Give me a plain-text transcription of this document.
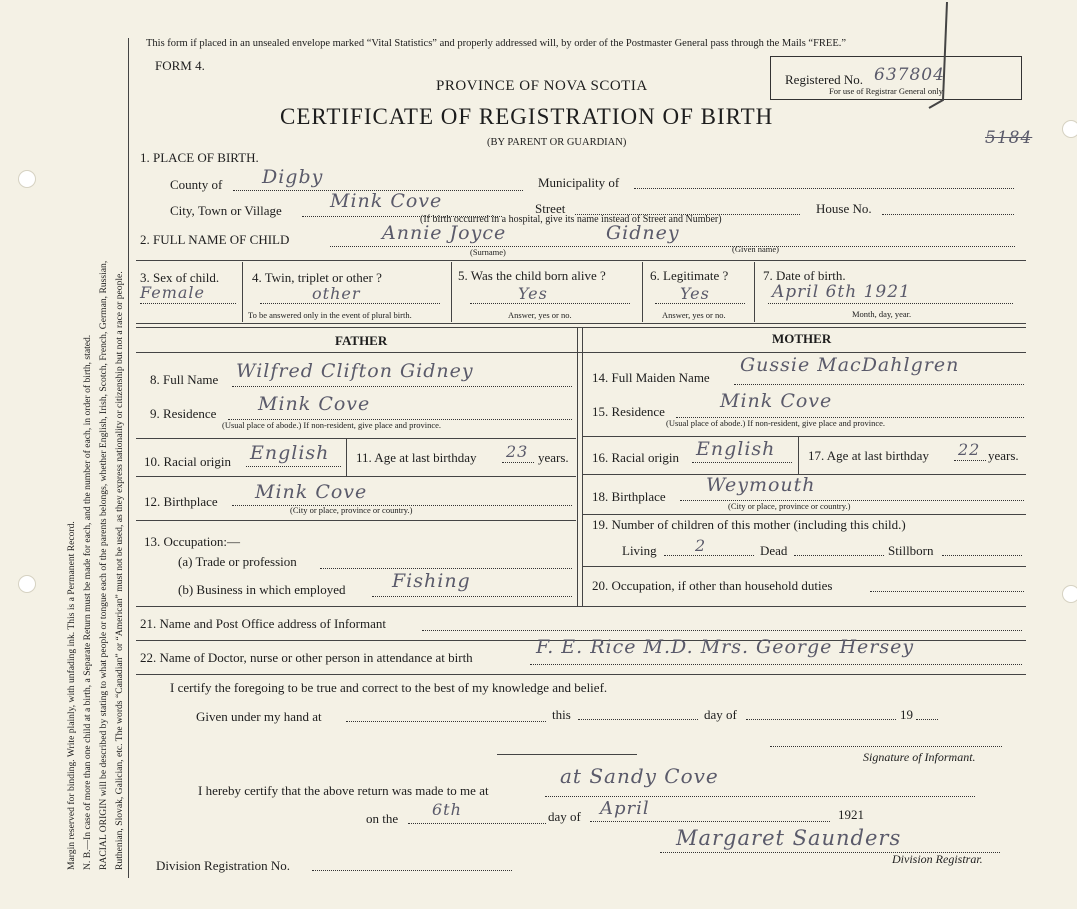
Margin reserved for binding. Write plainly, with unfading ink. This is a Permanent Record. N. B.—In case of more than one child at a birth, a Separate Return must be made for each, and the number of each, in order of birth, stated. RACIAL ORIGIN will be described by stating to what people or tongue each of the parents belongs, whether English, Irish, Scotch, French, German, Russian, Ruthenian, Slovak, Galician, etc. The words “Canadian” or “American” must not be used, as they express nationality or citizenship but not a race or people.
This form if placed in an unsealed envelope marked “Vital Statistics” and properly addressed will, by order of the Postmaster General pass through the Mails “FREE.”
FORM 4.
PROVINCE OF NOVA SCOTIA
CERTIFICATE OF REGISTRATION OF BIRTH
(BY PARENT OR GUARDIAN)
Registered No. 637804
For use of Registrar General only.
5184
1. PLACE OF BIRTH.
County of Digby	Municipality of
City, Town or Village	Mink Cove	Street	House No.
(If birth occurred in a hospital, give its name instead of Street and Number)
2. FULL NAME OF CHILD	Annie Joyce	Gidney
(Surname)	(Given name)
3. Sex of child.
Female
4. Twin, triplet or other ?
other
To be answered only in the event of plural birth.
5. Was the child born alive ?
Yes
Answer, yes or no.
6. Legitimate ?
Yes
Answer, yes or no.
7. Date of birth.
April 6th 1921
Month, day, year.
FATHER	MOTHER
8. Full Name Wilfred Clifton Gidney
9. Residence Mink Cove
(Usual place of abode.) If non-resident, give place and province.
10. Racial origin English 11. Age at last birthday 23 years.
12. Birthplace Mink Cove
(City or place, province or country.)
13. Occupation:—
(a) Trade or profession
(b) Business in which employed Fishing
14. Full Maiden Name
Gussie MacDahlgren
15. Residence	Mink Cove
(Usual place of abode.) If non-resident, give place and province.
16. Racial origin English	17. Age at last birthday 22 years.
18. Birthplace
Weymouth
(City or place, province or country.)
19. Number of children of this mother (including this child.)
Living 2	Dead	Stillborn
20. Occupation, if other than household duties
21. Name and Post Office address of Informant
22. Name of Doctor, nurse or other person in attendance at birth	F. E. Rice M.D. Mrs. George Hersey
I certify the foregoing to be true and correct to the best of my knowledge and belief.
Given under my hand at	this	day of	19
Signature of Informant.
I hereby certify that the above return was made to me at
at Sandy Cove
on the 6th	day of April	1921
Division Registration No.
Margaret Saunders
Division Registrar.
